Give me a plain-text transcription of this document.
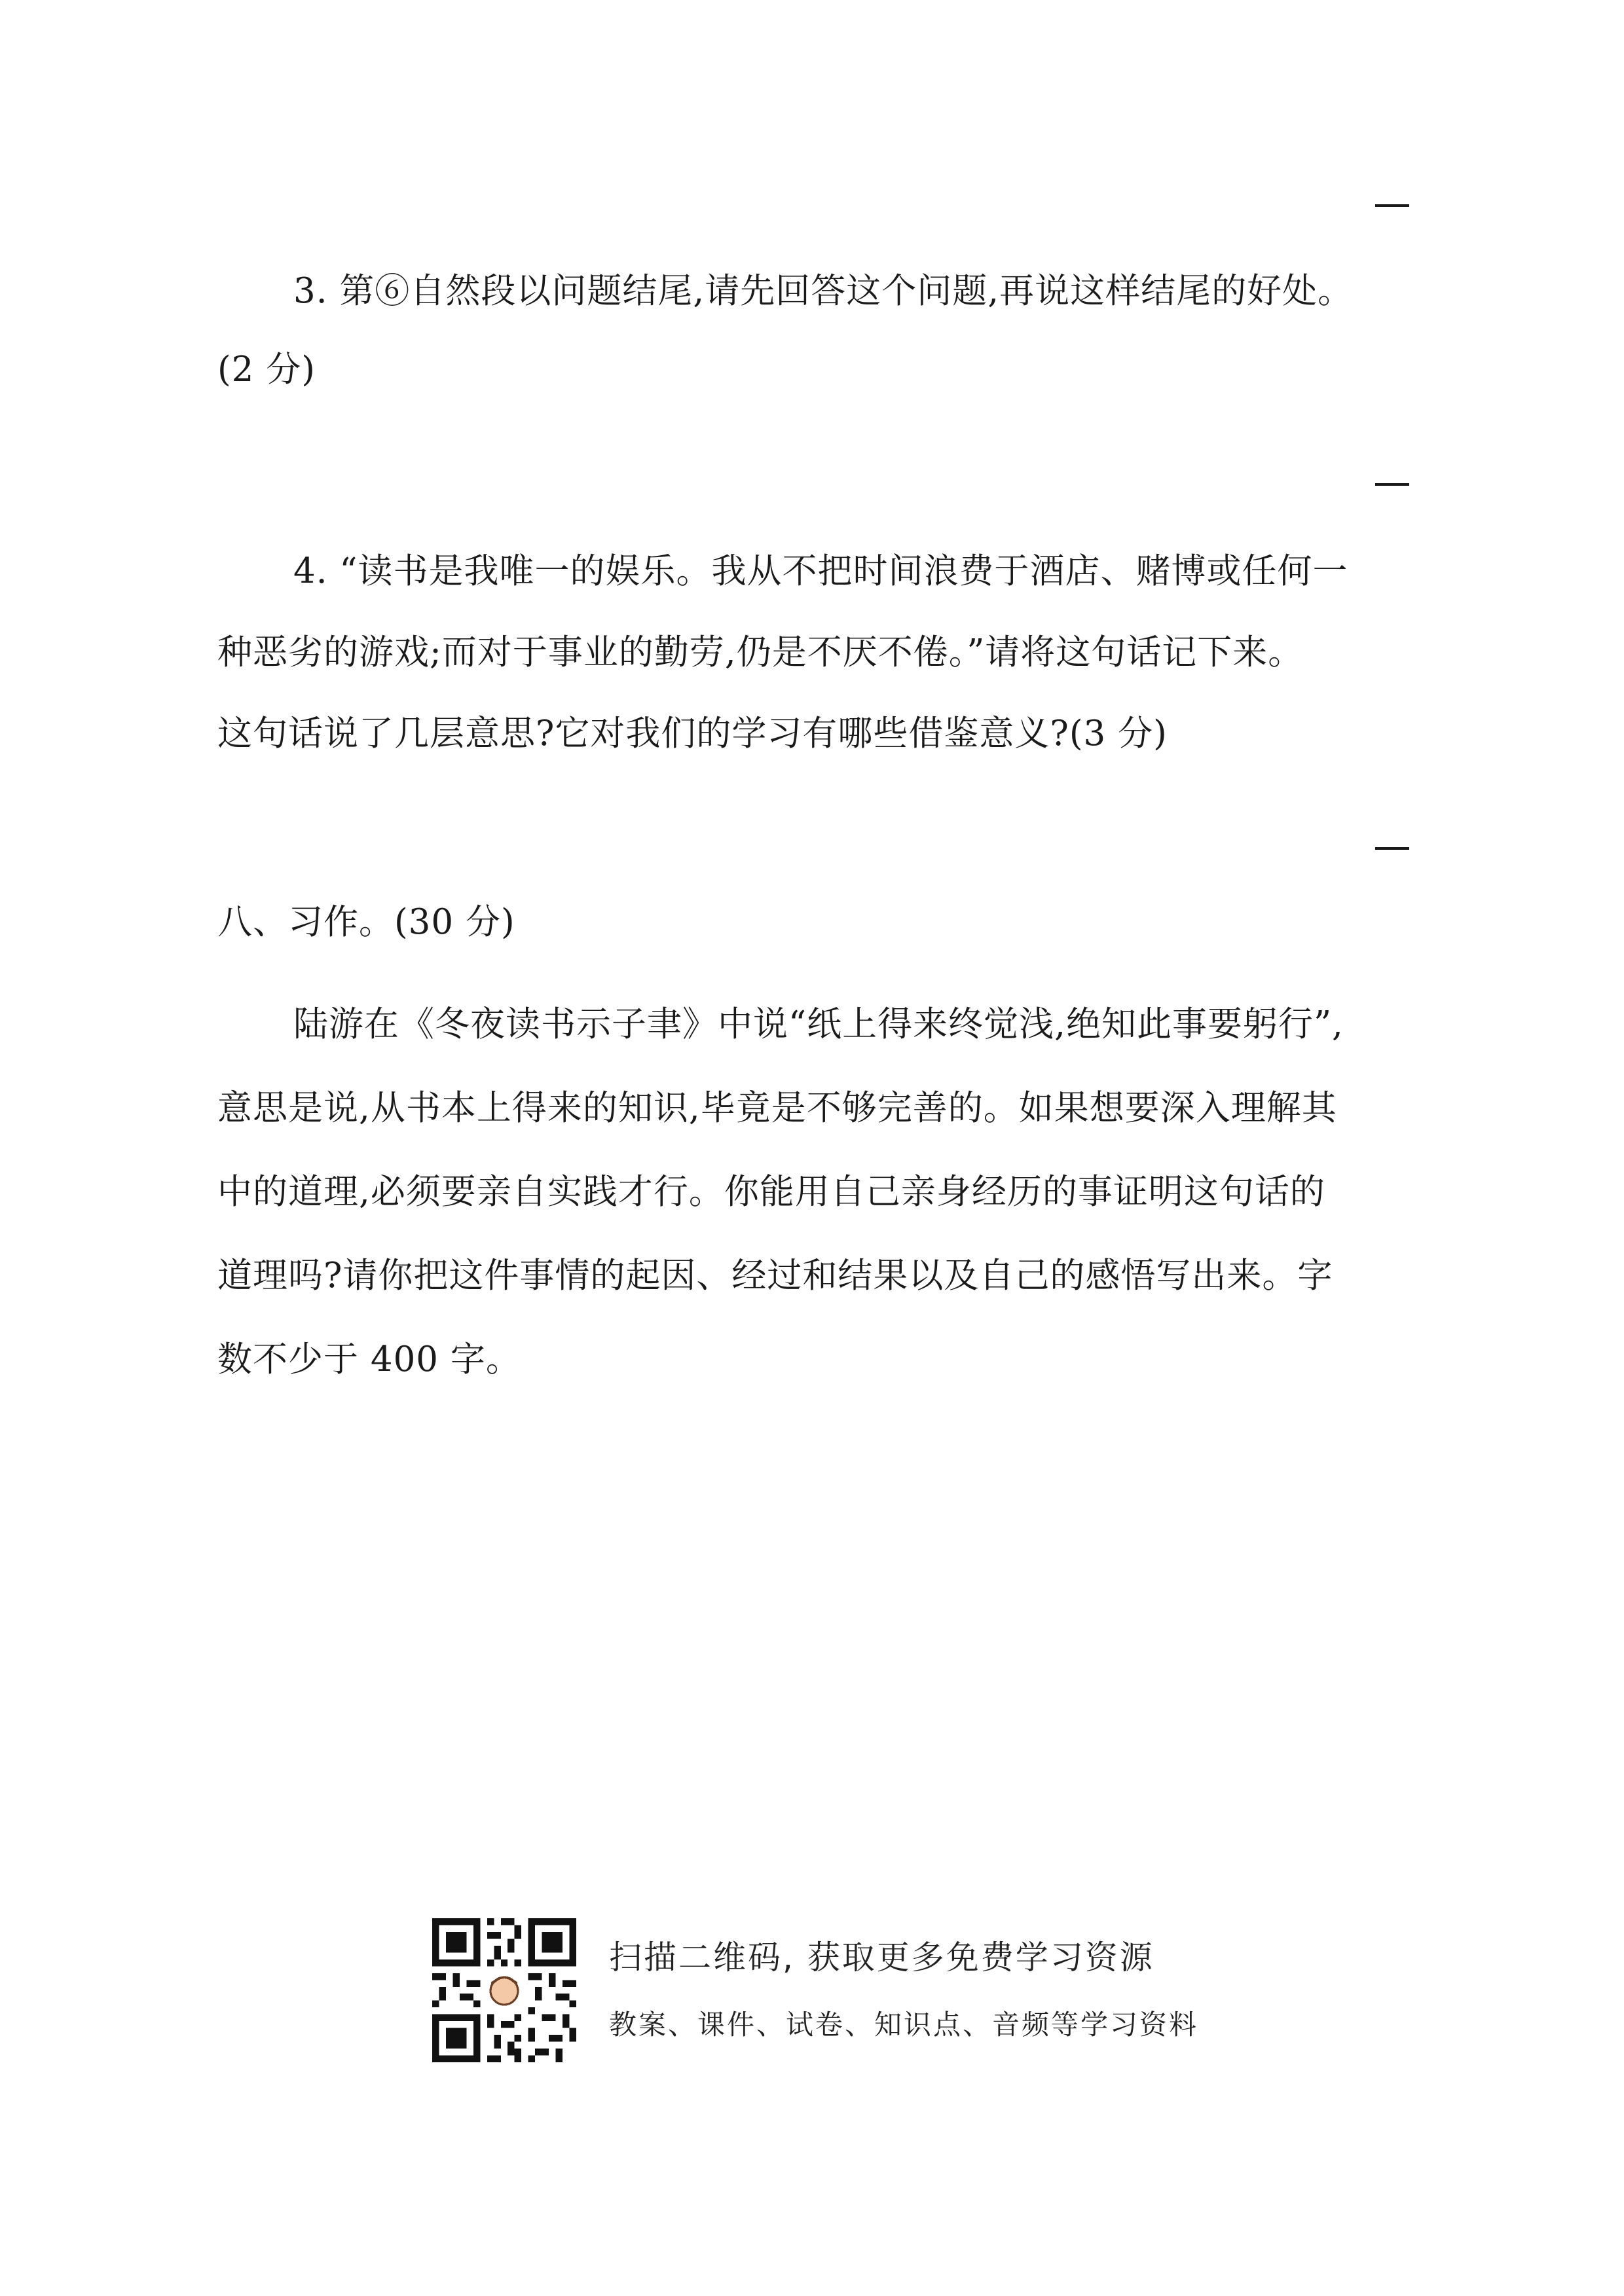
3. 第⑥自然段以问题结尾,请先回答这个问题,再说这样结尾的好处。
(2 分)
4. “读书是我唯一的娱乐。我从不把时间浪费于酒店、赌博或任何一
种恶劣的游戏;而对于事业的勤劳,仍是不厌不倦。”请将这句话记下来。
这句话说了几层意思?它对我们的学习有哪些借鉴意义?(3 分)
八、习作。(30 分)
陆游在《冬夜读书示子聿》中说“纸上得来终觉浅,绝知此事要躬行”,
意思是说,从书本上得来的知识,毕竟是不够完善的。如果想要深入理解其
中的道理,必须要亲自实践才行。你能用自己亲身经历的事证明这句话的
道理吗?请你把这件事情的起因、经过和结果以及自己的感悟写出来。字
数不少于 400 字。
扫描二维码, 获取更多免费学习资源
教案、课件、试卷、知识点、音频等学习资料
